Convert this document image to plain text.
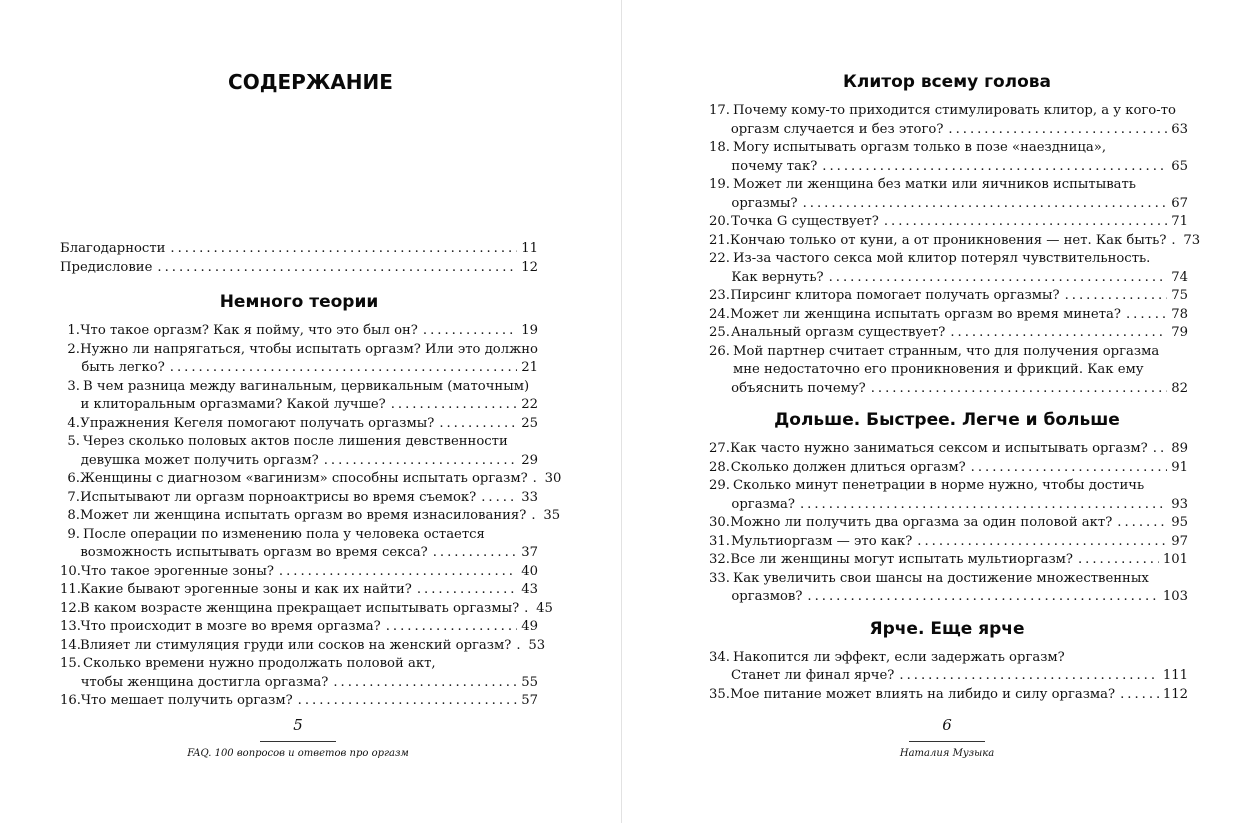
СОДЕРЖАНИЕ
Благодарности . . .	11
Предисловие . . .	12
Немного теории
1. Что такое оргазм? Как я пойму, что это был он? . . .	19
2. Нужно ли напрягаться, чтобы испытать оргазм? Или это должно
быть легко? . . .	21
3. В чем разница между вагинальным, цервикальным (маточным)
и клиторальным оргазмами? Какой лучше? . . .	22
4. Упражнения Кегеля помогают получать оргазмы? . . .	25
5. Через сколько половых актов после лишения девственности
девушка может получить оргазм? . . .	29
6. Женщины с диагнозом «вагинизм» способны испытать оргазм? . . . 30
7. Испытывают ли оргазм порноактрисы во время съемок? . . .	33
8. Может ли женщина испытать оргазм во время изнасилования? . . . 35
9. После операции по изменению пола у человека остается
возможность испытывать оргазм во время секса? . . .	37
10. Что такое эрогенные зоны? . . .	40
11. Какие бывают эрогенные зоны и как их найти? . . .	43
12. В каком возрасте женщина прекращает испытывать оргазмы? . . . 45
13. Что происходит в мозге во время оргазма? . . .	49
14. Влияет ли стимуляция груди или сосков на женский оргазм? . . . 53
15. Сколько времени нужно продолжать половой акт,
чтобы женщина достигла оргазма? . . .	55
16. Что мешает получить оргазм? . . .	57
5
FAQ. 100 вопросов и ответов про оргазм
Клитор всему голова
17. Почему кому-то приходится стимулировать клитор, а у кого-то
оргазм случается и без этого? . . .	63
18. Могу испытывать оргазм только в позе «наездница»,
почему так? . . .	65
19. Может ли женщина без матки или яичников испытывать
оргазмы? . . .	67
20. Точка G существует? . . .	71
21. Кончаю только от куни, а от проникновения — нет. Как быть? . . . 73
22. Из-за частого секса мой клитор потерял чувствительность.
Как вернуть? . . .	74
23. Пирсинг клитора помогает получать оргазмы? . . .	75
24. Может ли женщина испытать оргазм во время минета? . . .	78
25. Анальный оргазм существует? . . .	79
26. Мой партнер считает странным, что для получения оргазма
мне недостаточно его проникновения и фрикций. Как ему
объяснить почему? . . .	82
Дольше. Быстрее. Легче и больше
27. Как часто нужно заниматься сексом и испытывать оргазм? . . . 89
28. Сколько должен длиться оргазм? . . .	91
29. Сколько минут пенетрации в норме нужно, чтобы достичь
оргазма? . . .	93
30. Можно ли получить два оргазма за один половой акт? . . .	95
31. Мультиоргазм — это как? . . .	97
32. Все ли женщины могут испытать мультиоргазм? . . .	101
33. Как увеличить свои шансы на достижение множественных
оргазмов? . . .	103
Ярче. Еще ярче
34. Накопится ли эффект, если задержать оргазм?
Станет ли финал ярче? . . .	111
35. Мое питание может влиять на либидо и силу оргазма? . . .	112
6
Наталия Музыка
